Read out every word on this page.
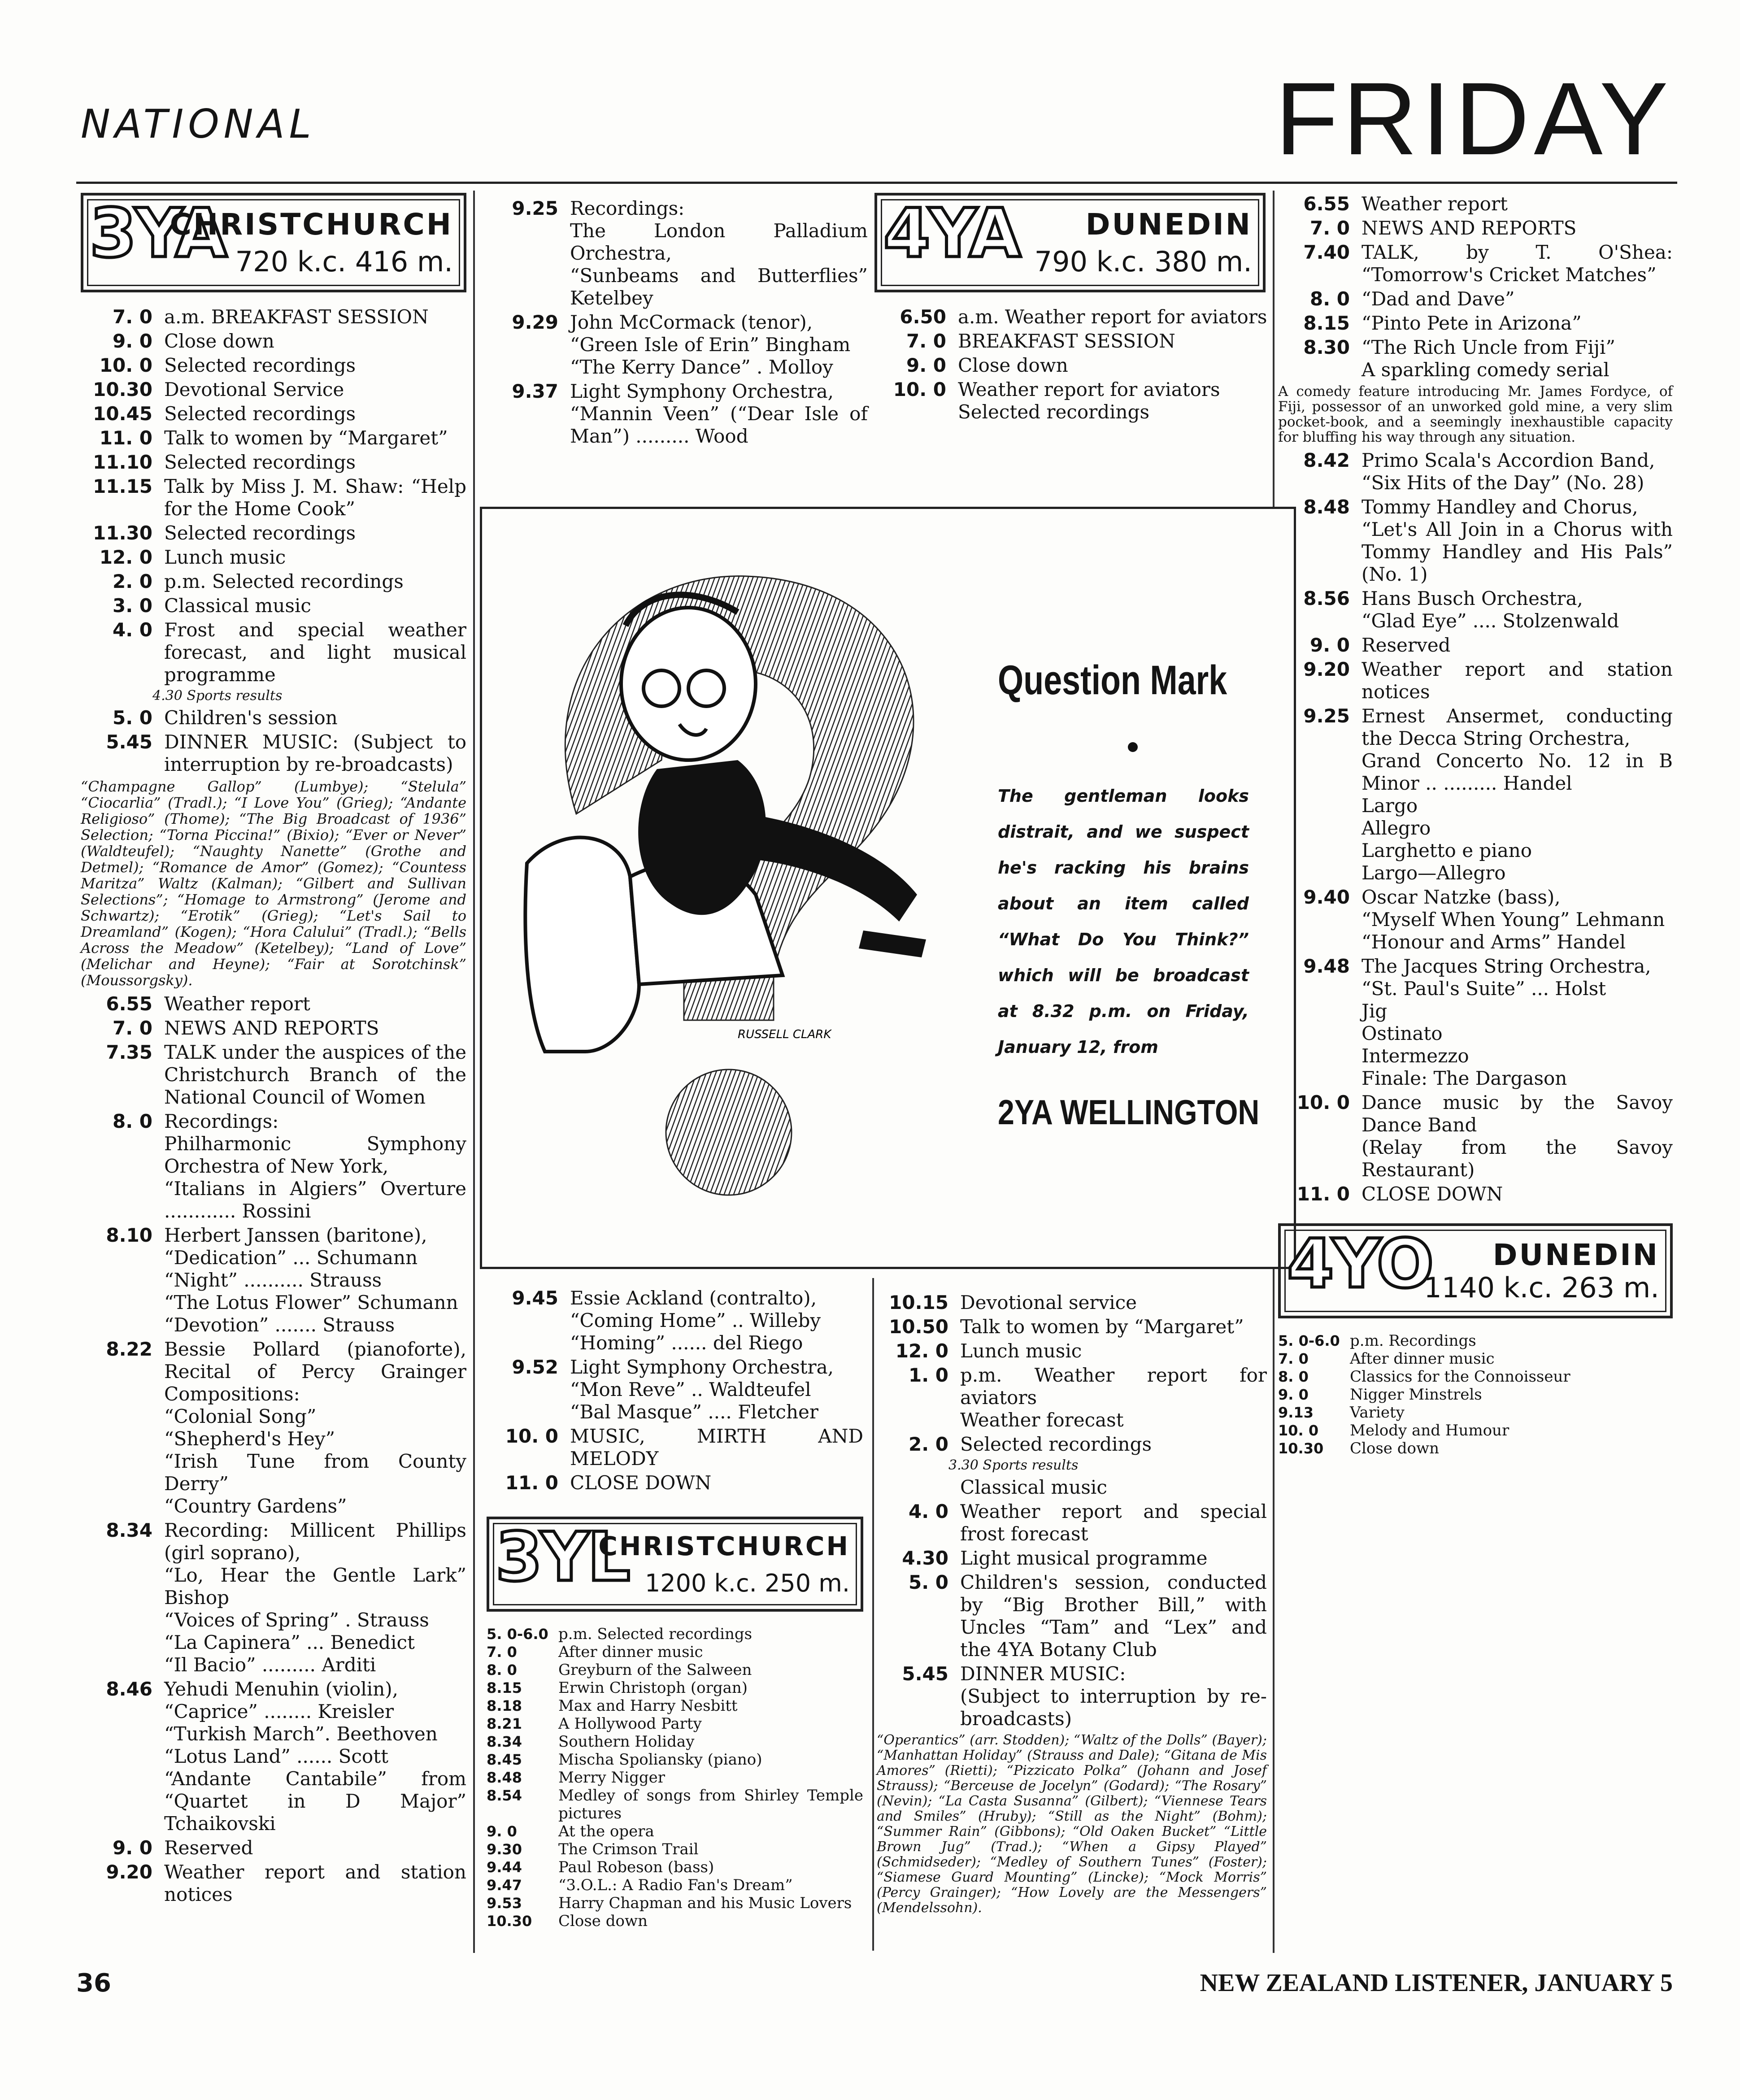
NATIONAL	FRIDAY
3YA
CHRISTCHURCH
720 k.c. 416 m.
7. 0 a.m. BREAKFAST SESSION
9. 0 Close down
10. 0 Selected recordings
10.30 Devotional Service
10.45 Selected recordings
11. 0 Talk to women by “Margaret”
11.10 Selected recordings
11.15 Talk by Miss J. M. Shaw: “Help for the Home Cook”
11.30 Selected recordings
12. 0 Lunch music
2. 0 p.m. Selected recordings
3. 0 Classical music
4. 0 Frost and special weather forecast, and light musical programme
4.30 Sports results
5. 0 Children's session
5.45 DINNER MUSIC: (Subject to interruption by re-broadcasts)
“Champagne Gallop” (Lumbye); “Stelula” “Ciocarlia” (Tradl.); “I Love You” (Grieg); “Andante Religioso” (Thome); “The Big Broadcast of 1936” Selection; “Torna Piccina!” (Bixio); “Ever or Never” (Waldteufel); “Naughty Nanette” (Grothe and Detmel); “Romance de Amor” (Gomez); “Countess Maritza” Waltz (Kalman); “Gilbert and Sullivan Selections”; “Homage to Armstrong” (Jerome and Schwartz); “Erotik” (Grieg); “Let's Sail to Dreamland” (Kogen); “Hora Calului” (Tradl.); “Bells Across the Meadow” (Ketelbey); “Land of Love” (Melichar and Heyne); “Fair at Sorotchinsk” (Moussorgsky).
6.55 Weather report
7. 0 NEWS AND REPORTS
7.35 TALK under the auspices of the Christchurch Branch of the National Council of Women
8. 0 Recordings:
Philharmonic Symphony Orchestra of New York,
“Italians in Algiers” Overture ............ Rossini
8.10 Herbert Janssen (baritone),
“Dedication” ... Schumann
“Night” .......... Strauss
“The Lotus Flower” Schumann
“Devotion” ....... Strauss
8.22 Bessie Pollard (pianoforte), Recital of Percy Grainger Compositions:
“Colonial Song”
“Shepherd's Hey”
“Irish Tune from County Derry”
“Country Gardens”
8.34 Recording: Millicent Phillips (girl soprano),
“Lo, Hear the Gentle Lark” Bishop
“Voices of Spring” . Strauss
“La Capinera” ... Benedict
“Il Bacio” ......... Arditi
8.46 Yehudi Menuhin (violin),
“Caprice” ........ Kreisler
“Turkish March”. Beethoven
“Lotus Land” ...... Scott
“Andante Cantabile” from “Quartet in D Major” Tchaikovski
9. 0 Reserved
9.20 Weather report and station notices
9.25 Recordings:
The London Palladium Orchestra,
“Sunbeams and Butterflies” Ketelbey
9.29 John McCormack (tenor),
“Green Isle of Erin” Bingham
“The Kerry Dance” . Molloy
9.37 Light Symphony Orchestra,
“Mannin Veen” (“Dear Isle of Man”) ......... Wood
RUSSELL CLARK
Question Mark
The gentleman looks distrait, and we suspect he's racking his brains about an item called “What Do You Think?” which will be broadcast at 8.32 p.m. on Friday, January 12, from
2YA WELLINGTON
9.45 Essie Ackland (contralto),
“Coming Home” .. Willeby
“Homing” ...... del Riego
9.52 Light Symphony Orchestra,
“Mon Reve” .. Waldteufel
“Bal Masque” .... Fletcher
10. 0 MUSIC, MIRTH AND MELODY
11. 0 CLOSE DOWN
3YL
CHRISTCHURCH
1200 k.c. 250 m.
5. 0-6.0 p.m. Selected recordings
7. 0	After dinner music
8. 0	Greyburn of the Salween
8.15	Erwin Christoph (organ)
8.18	Max and Harry Nesbitt
8.21	A Hollywood Party
8.34	Southern Holiday
8.45	Mischa Spoliansky (piano)
8.48	Merry Nigger
8.54	Medley of songs from Shirley Temple pictures
9. 0	At the opera
9.30	The Crimson Trail
9.44	Paul Robeson (bass)
9.47	“3.O.L.: A Radio Fan's Dream”
9.53	Harry Chapman and his Music Lovers
10.30	Close down
4YA DUNEDIN
790 k.c. 380 m.
6.50 a.m. Weather report for aviators
7. 0 BREAKFAST SESSION
9. 0 Close down
10. 0 Weather report for aviators
Selected recordings
10.15 Devotional service
10.50 Talk to women by “Margaret”
12. 0 Lunch music
1. 0 p.m. Weather report for aviators
Weather forecast
2. 0 Selected recordings
3.30 Sports results
Classical music
4. 0 Weather report and special frost forecast
4.30 Light musical programme
5. 0 Children's session, conducted by “Big Brother Bill,” with Uncles “Tam” and “Lex” and the 4YA Botany Club
5.45 DINNER MUSIC:
(Subject to interruption by re-broadcasts)
“Operantics” (arr. Stodden); “Waltz of the Dolls” (Bayer); “Manhattan Holiday” (Strauss and Dale); “Gitana de Mis Amores” (Rietti); “Pizzicato Polka” (Johann and Josef Strauss); “Berceuse de Jocelyn” (Godard); “The Rosary” (Nevin); “La Casta Susanna” (Gilbert); “Viennese Tears and Smiles” (Hruby); “Still as the Night” (Bohm); “Summer Rain” (Gibbons); “Old Oaken Bucket” “Little Brown Jug” (Trad.); “When a Gipsy Played” (Schmidseder); “Medley of Southern Tunes” (Foster); “Siamese Guard Mounting” (Lincke); “Mock Morris” (Percy Grainger); “How Lovely are the Messengers” (Mendelssohn).
6.55 Weather report
7. 0 NEWS AND REPORTS
7.40 TALK, by T. O'Shea: “Tomorrow's Cricket Matches”
8. 0 “Dad and Dave”
8.15 “Pinto Pete in Arizona”
8.30 “The Rich Uncle from Fiji”
A sparkling comedy serial
A comedy feature introducing Mr. James Fordyce, of Fiji, possessor of an unworked gold mine, a very slim pocket-book, and a seemingly inexhaustible capacity for bluffing his way through any situation.
8.42 Primo Scala's Accordion Band,
“Six Hits of the Day” (No. 28)
8.48 Tommy Handley and Chorus,
“Let's All Join in a Chorus with Tommy Handley and His Pals” (No. 1)
8.56 Hans Busch Orchestra,
“Glad Eye” .... Stolzenwald
9. 0 Reserved
9.20 Weather report and station notices
9.25 Ernest Ansermet, conducting the Decca String Orchestra,
Grand Concerto No. 12 in B Minor .. ......... Handel
Largo
Allegro
Larghetto e piano
Largo—Allegro
9.40 Oscar Natzke (bass),
“Myself When Young” Lehmann
“Honour and Arms” Handel
9.48 The Jacques String Orchestra,
“St. Paul's Suite” ... Holst
Jig
Ostinato
Intermezzo
Finale: The Dargason
10. 0 Dance music by the Savoy Dance Band
(Relay from the Savoy Restaurant)
11. 0 CLOSE DOWN
4YO DUNEDIN
1140 k.c. 263 m.
5. 0-6.0 p.m. Recordings
7. 0	After dinner music
8. 0	Classics for the Connoisseur
9. 0	Nigger Minstrels
9.13	Variety
10. 0	Melody and Humour
10.30	Close down
36	NEW ZEALAND LISTENER, JANUARY 5
